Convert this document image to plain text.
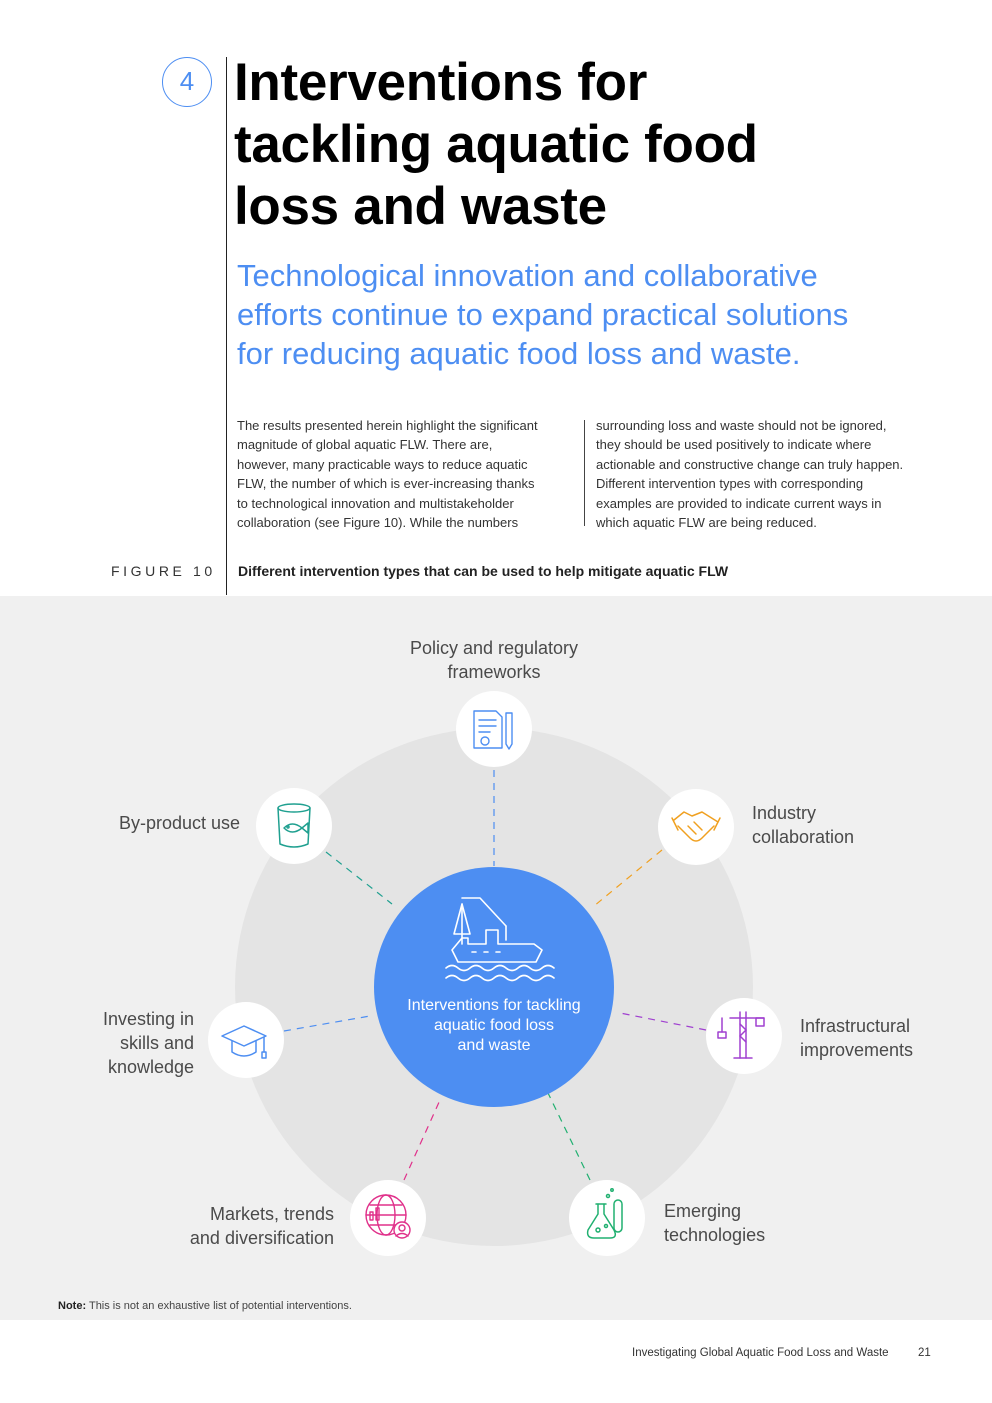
4 Interventions for
tackling aquatic food
loss and waste
Technological innovation and collaborative
efforts continue to expand practical solutions
for reducing aquatic food loss and waste.
The results presented herein highlight the significant
magnitude of global aquatic FLW. There are,
however, many practicable ways to reduce aquatic
FLW, the number of which is ever-increasing thanks
to technological innovation and multistakeholder
collaboration (see Figure 10). While the numbers
surrounding loss and waste should not be ignored,
they should be used positively to indicate where
actionable and constructive change can truly happen.
Different intervention types with corresponding
examples are provided to indicate current ways in
which aquatic FLW are being reduced.
FIGURE 10 Different intervention types that can be used to help mitigate aquatic FLW
Interventions for tackling
aquatic food loss
and waste
Policy and regulatory
frameworks
Industry
collaboration
Infrastructural
improvements
Emerging
technologies
Markets, trends
and diversification
Investing in
skills and
knowledge
By-product use
Note: This is not an exhaustive list of potential interventions.
Investigating Global Aquatic Food Loss and Waste	21
